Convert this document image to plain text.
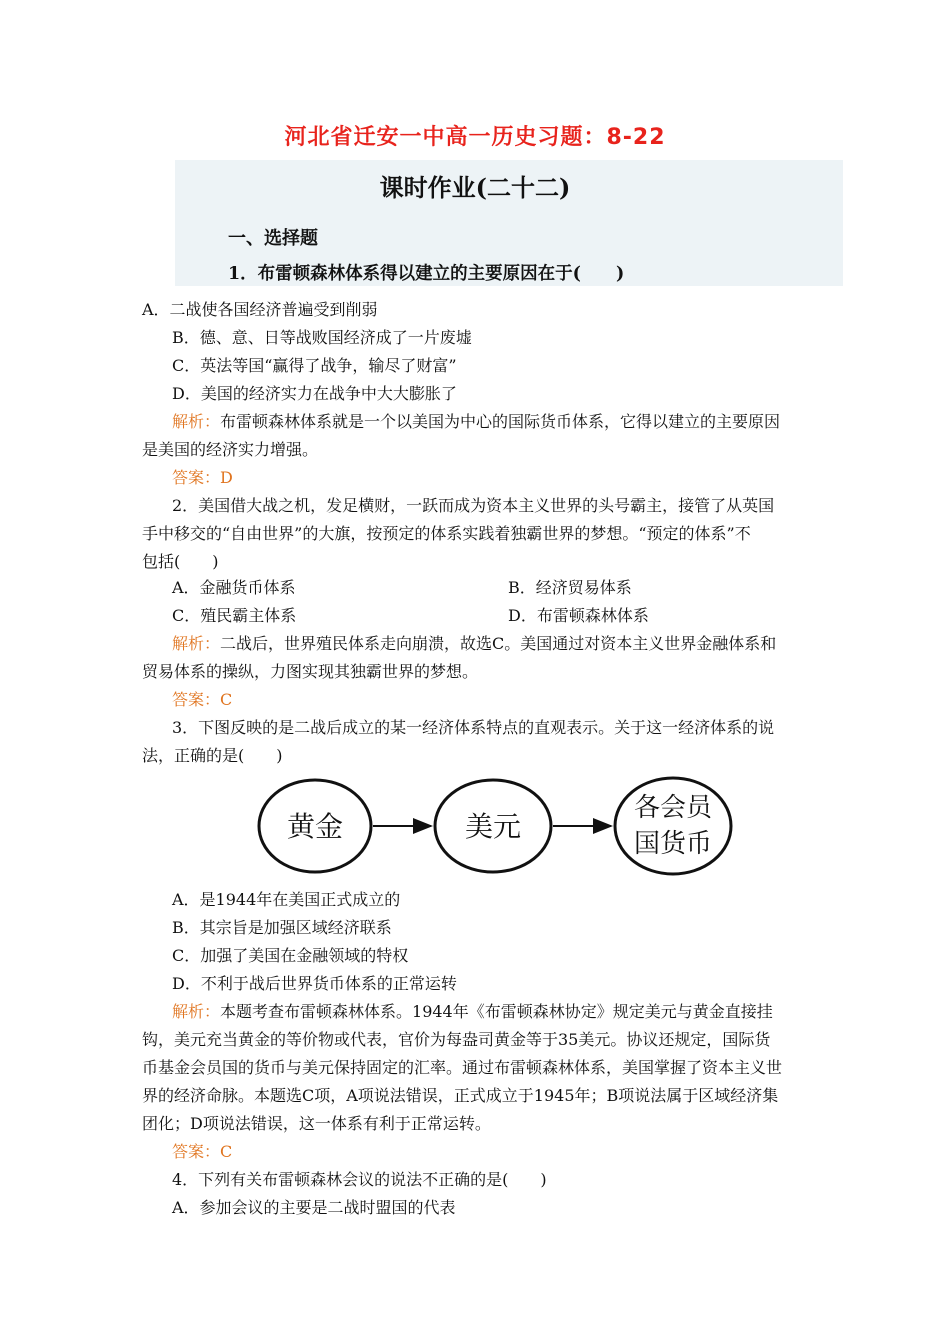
河北省迁安一中高一历史习题：8-22
课时作业(二十二)
一、选择题
1．布雷顿森林体系得以建立的主要原因在于(　　)
A．二战使各国经济普遍受到削弱
B．德、意、日等战败国经济成了一片废墟
C．英法等国“赢得了战争，输尽了财富”
D．美国的经济实力在战争中大大膨胀了
解析：布雷顿森林体系就是一个以美国为中心的国际货币体系，它得以建立的主要原因
是美国的经济实力增强。
答案：D
2．美国借大战之机，发足横财，一跃而成为资本主义世界的头号霸主，接管了从英国
手中移交的“自由世界”的大旗，按预定的体系实践着独霸世界的梦想。“预定的体系”不
包括(　　)
A．金融货币体系	B．经济贸易体系
C．殖民霸主体系	D．布雷顿森林体系
解析：二战后，世界殖民体系走向崩溃，故选C。美国通过对资本主义世界金融体系和
贸易体系的操纵，力图实现其独霸世界的梦想。
答案：C
3．下图反映的是二战后成立的某一经济体系特点的直观表示。关于这一经济体系的说
法，正确的是(　　)
黄金	美元
各会员
国货币
A．是1944年在美国正式成立的
B．其宗旨是加强区域经济联系
C．加强了美国在金融领域的特权
D．不利于战后世界货币体系的正常运转
解析：本题考查布雷顿森林体系。1944年《布雷顿森林协定》规定美元与黄金直接挂
钩，美元充当黄金的等价物或代表，官价为每盎司黄金等于35美元。协议还规定，国际货
币基金会员国的货币与美元保持固定的汇率。通过布雷顿森林体系，美国掌握了资本主义世
界的经济命脉。本题选C项，A项说法错误，正式成立于1945年；B项说法属于区域经济集
团化；D项说法错误，这一体系有利于正常运转。
答案：C
4．下列有关布雷顿森林会议的说法不正确的是(　　)
A．参加会议的主要是二战时盟国的代表
